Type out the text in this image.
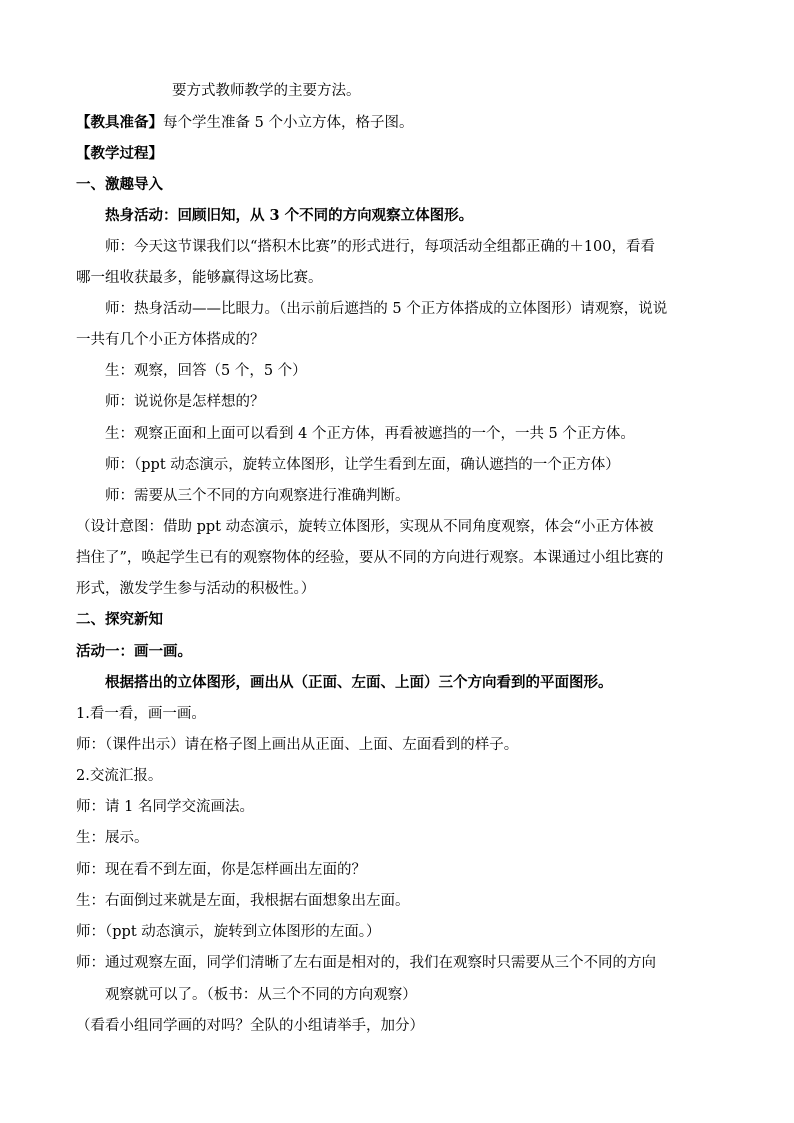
要方式教师教学的主要方法。
【教具准备】每个学生准备 5 个小立方体，格子图。
【教学过程】
一、激趣导入
热身活动：回顾旧知，从 3 个不同的方向观察立体图形。
师：今天这节课我们以“搭积木比赛”的形式进行，每项活动全组都正确的＋100，看看
哪一组收获最多，能够赢得这场比赛。
师：热身活动——比眼力。（出示前后遮挡的 5 个正方体搭成的立体图形）请观察，说说
一共有几个小正方体搭成的？
生：观察，回答（5 个，5 个）
师：说说你是怎样想的？
生：观察正面和上面可以看到 4 个正方体，再看被遮挡的一个，一共 5 个正方体。
师：（ppt 动态演示，旋转立体图形，让学生看到左面，确认遮挡的一个正方体）
师：需要从三个不同的方向观察进行准确判断。
（设计意图：借助 ppt 动态演示，旋转立体图形，实现从不同角度观察，体会“小正方体被
挡住了”，唤起学生已有的观察物体的经验，要从不同的方向进行观察。本课通过小组比赛的
形式，激发学生参与活动的积极性。）
二、探究新知
活动一：画一画。
根据搭出的立体图形，画出从（正面、左面、上面）三个方向看到的平面图形。
1.看一看，画一画。
师：（课件出示）请在格子图上画出从正面、上面、左面看到的样子。
2.交流汇报。
师：请 1 名同学交流画法。
生：展示。
师：现在看不到左面，你是怎样画出左面的？
生：右面倒过来就是左面，我根据右面想象出左面。
师：（ppt 动态演示，旋转到立体图形的左面。）
师：通过观察左面，同学们清晰了左右面是相对的，我们在观察时只需要从三个不同的方向
观察就可以了。（板书：从三个不同的方向观察）
（看看小组同学画的对吗？全队的小组请举手，加分）
